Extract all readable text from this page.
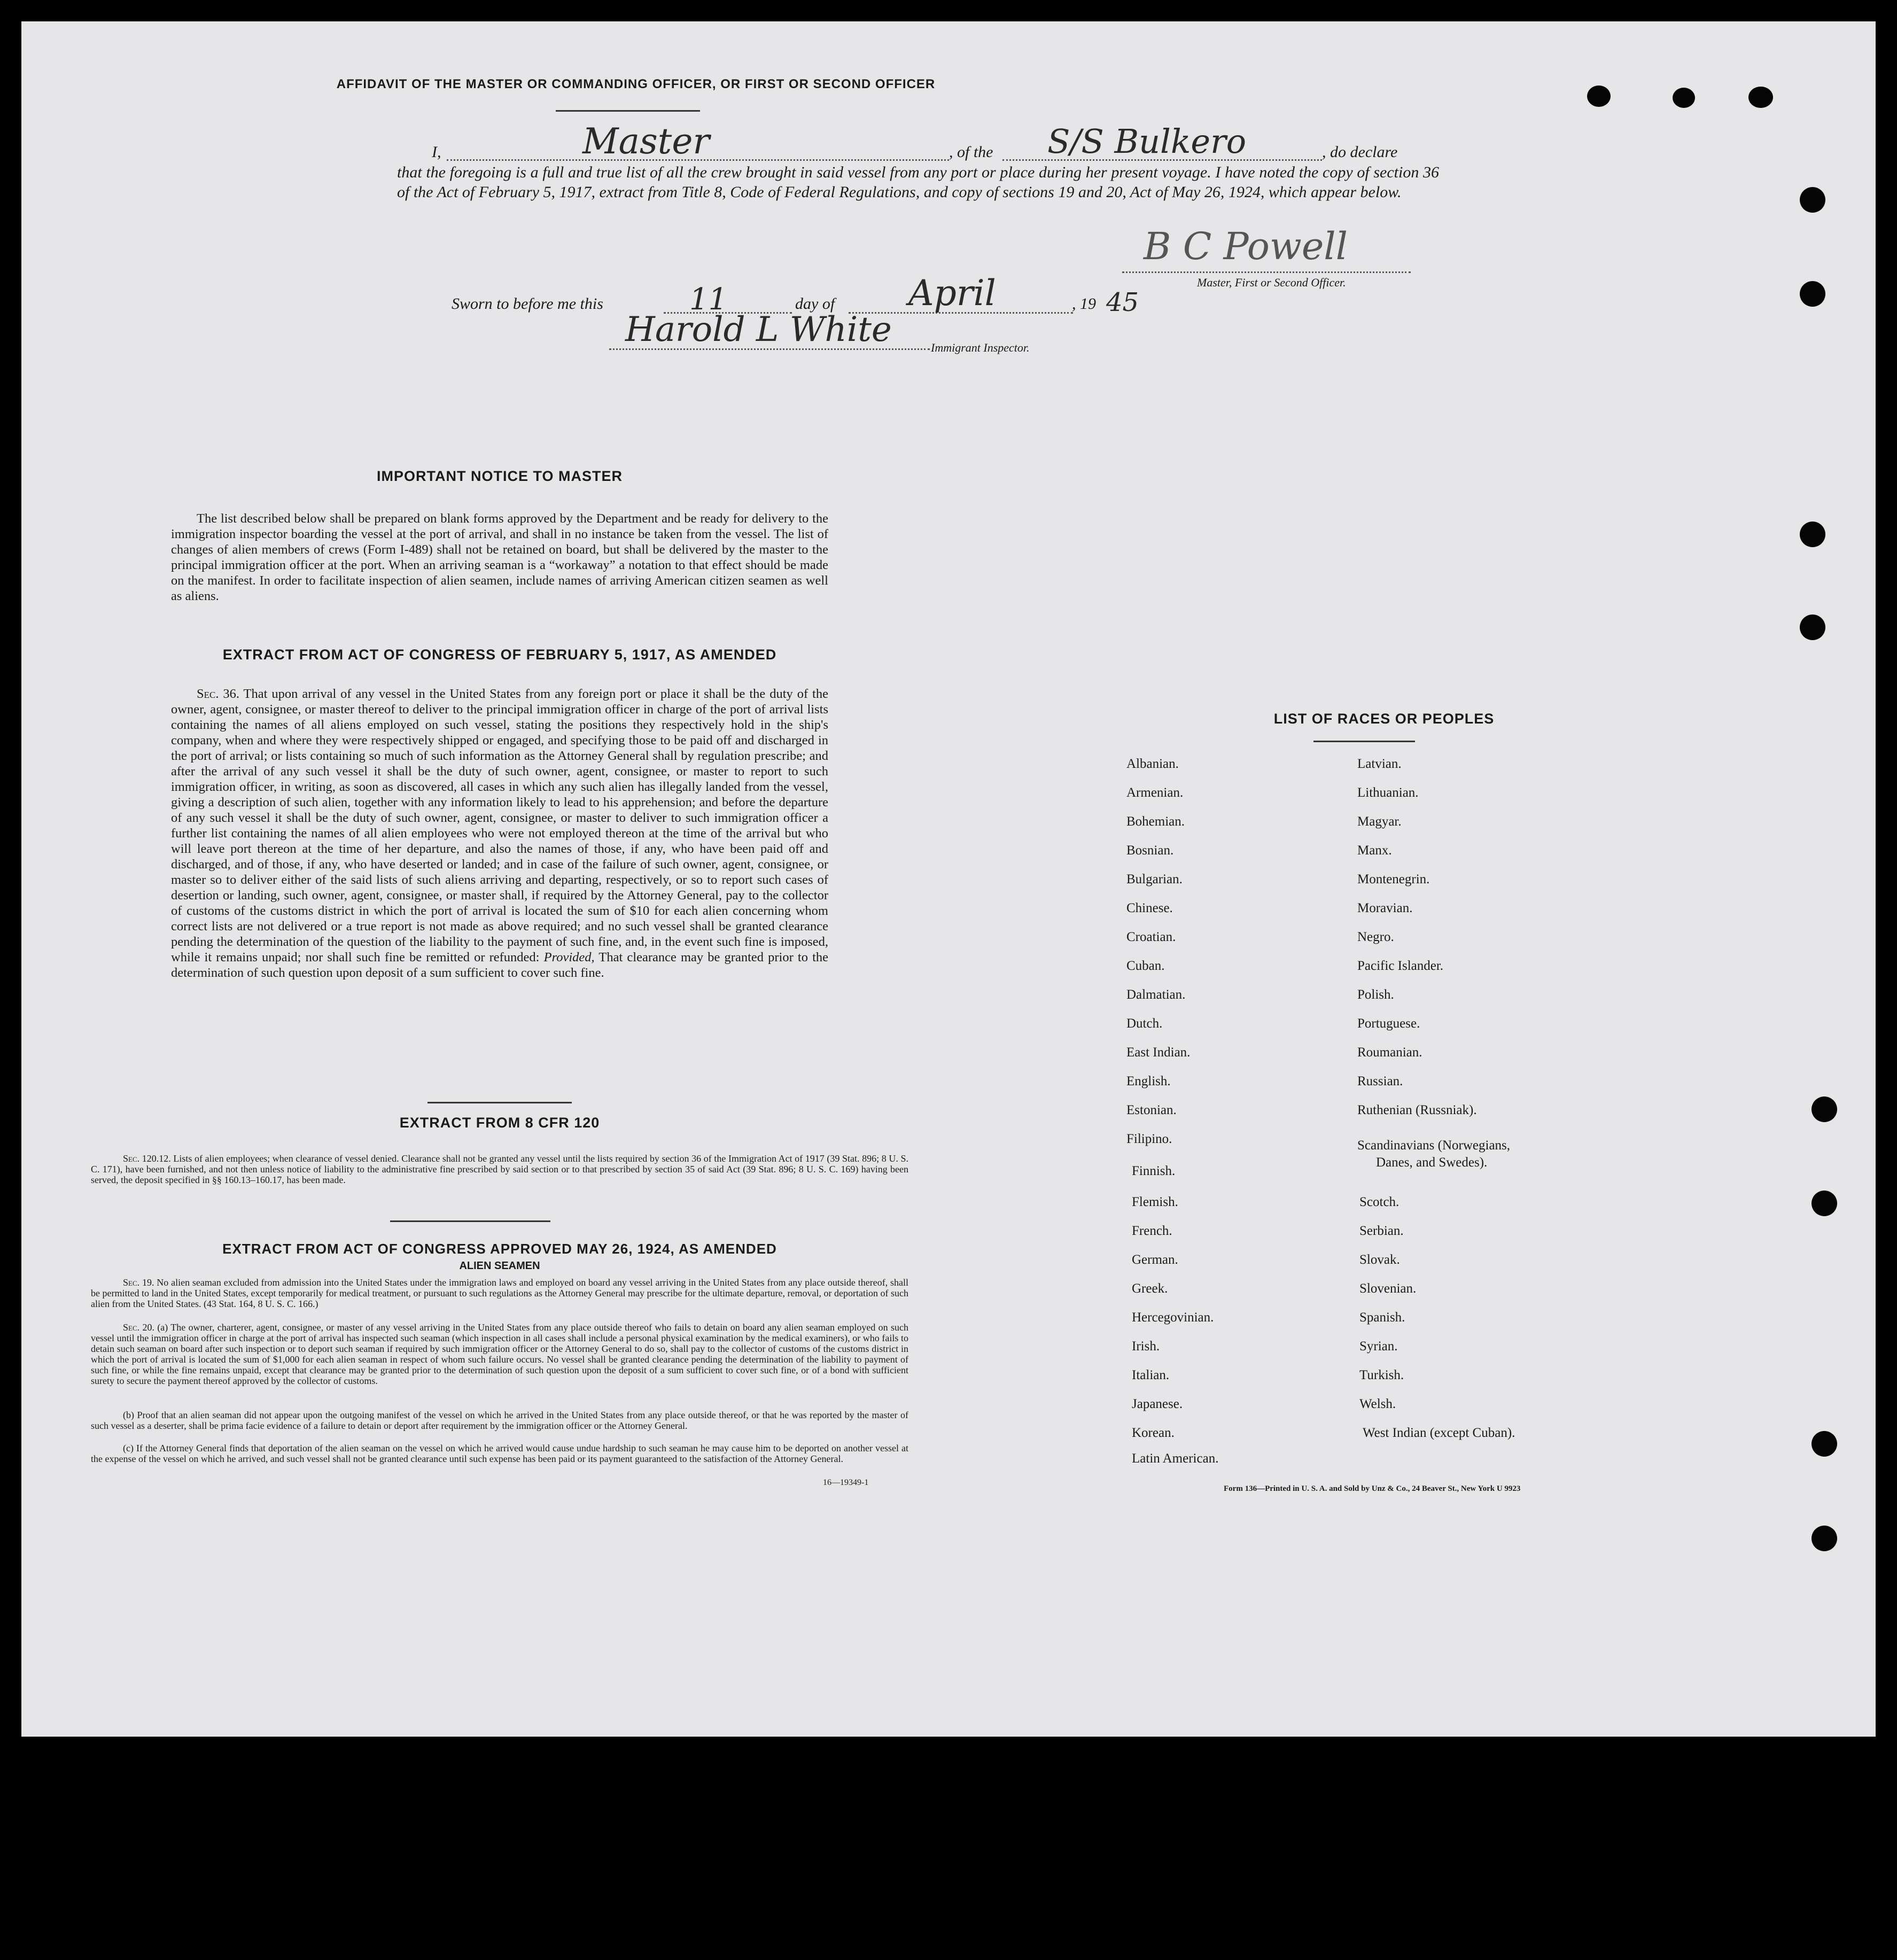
AFFIDAVIT OF THE MASTER OR COMMANDING OFFICER, OR FIRST OR SECOND OFFICER
I,	Master	, of the S/S Bulkero	, do declare
that the foregoing is a full and true list of all the crew brought in said vessel from any port or place during her present voyage. I have noted the copy of section 36 of the Act of February 5, 1917, extract from Title 8, Code of Federal Regulations, and copy of sections 19 and 20, Act of May 26, 1924, which appear below.
B C Powell
Master, First or Second Officer.
Sworn to before me this	11	day of April	, 19 45
Harold L White	Immigrant Inspector.
IMPORTANT NOTICE TO MASTER
The list described below shall be prepared on blank forms approved by the Department and be ready for delivery to the immigration inspector boarding the vessel at the port of arrival, and shall in no instance be taken from the vessel. The list of changes of alien members of crews (Form I-489) shall not be retained on board, but shall be delivered by the master to the principal immigration officer at the port. When an arriving seaman is a “workaway” a notation to that effect should be made on the manifest. In order to facilitate inspection of alien seamen, include names of arriving American citizen seamen as well as aliens.
EXTRACT FROM ACT OF CONGRESS OF FEBRUARY 5, 1917, AS AMENDED
Sec. 36. That upon arrival of any vessel in the United States from any foreign port or place it shall be the duty of the owner, agent, consignee, or master thereof to deliver to the principal immigration officer in charge of the port of arrival lists containing the names of all aliens employed on such vessel, stating the positions they respectively hold in the ship's company, when and where they were respectively shipped or engaged, and specifying those to be paid off and discharged in the port of arrival; or lists containing so much of such information as the Attorney General shall by regulation prescribe; and after the arrival of any such vessel it shall be the duty of such owner, agent, consignee, or master to report to such immigration officer, in writing, as soon as discovered, all cases in which any such alien has illegally landed from the vessel, giving a description of such alien, together with any information likely to lead to his apprehension; and before the departure of any such vessel it shall be the duty of such owner, agent, consignee, or master to deliver to such immigration officer a further list containing the names of all alien employees who were not employed thereon at the time of the arrival but who will leave port thereon at the time of her departure, and also the names of those, if any, who have been paid off and discharged, and of those, if any, who have deserted or landed; and in case of the failure of such owner, agent, consignee, or master so to deliver either of the said lists of such aliens arriving and departing, respectively, or so to report such cases of desertion or landing, such owner, agent, consignee, or master shall, if required by the Attorney General, pay to the collector of customs of the customs district in which the port of arrival is located the sum of $10 for each alien concerning whom correct lists are not delivered or a true report is not made as above required; and no such vessel shall be granted clearance pending the determination of the question of the liability to the payment of such fine, and, in the event such fine is imposed, while it remains unpaid; nor shall such fine be remitted or refunded: Provided, That clearance may be granted prior to the determination of such question upon deposit of a sum sufficient to cover such fine.
EXTRACT FROM 8 CFR 120
Sec. 120.12. Lists of alien employees; when clearance of vessel denied. Clearance shall not be granted any vessel until the lists required by section 36 of the Immigration Act of 1917 (39 Stat. 896; 8 U. S. C. 171), have been furnished, and not then unless notice of liability to the administrative fine prescribed by said section or to that prescribed by section 35 of said Act (39 Stat. 896; 8 U. S. C. 169) having been served, the deposit specified in §§ 160.13–160.17, has been made.
EXTRACT FROM ACT OF CONGRESS APPROVED MAY 26, 1924, AS AMENDED
ALIEN SEAMEN
Sec. 19. No alien seaman excluded from admission into the United States under the immigration laws and employed on board any vessel arriving in the United States from any place outside thereof, shall be permitted to land in the United States, except temporarily for medical treatment, or pursuant to such regulations as the Attorney General may prescribe for the ultimate departure, removal, or deportation of such alien from the United States. (43 Stat. 164, 8 U. S. C. 166.)
Sec. 20. (a) The owner, charterer, agent, consignee, or master of any vessel arriving in the United States from any place outside thereof who fails to detain on board any alien seaman employed on such vessel until the immigration officer in charge at the port of arrival has inspected such seaman (which inspection in all cases shall include a personal physical examination by the medical examiners), or who fails to detain such seaman on board after such inspection or to deport such seaman if required by such immigration officer or the Attorney General to do so, shall pay to the collector of customs of the customs district in which the port of arrival is located the sum of $1,000 for each alien seaman in respect of whom such failure occurs. No vessel shall be granted clearance pending the determination of the liability to payment of such fine, or while the fine remains unpaid, except that clearance may be granted prior to the determination of such question upon the deposit of a sum sufficient to cover such fine, or of a bond with sufficient surety to secure the payment thereof approved by the collector of customs.
(b) Proof that an alien seaman did not appear upon the outgoing manifest of the vessel on which he arrived in the United States from any place outside thereof, or that he was reported by the master of such vessel as a deserter, shall be prima facie evidence of a failure to detain or deport after requirement by the immigration officer or the Attorney General.
(c) If the Attorney General finds that deportation of the alien seaman on the vessel on which he arrived would cause undue hardship to such seaman he may cause him to be deported on another vessel at the expense of the vessel on which he arrived, and such vessel shall not be granted clearance until such expense has been paid or its payment guaranteed to the satisfaction of the Attorney General.
16—19349-1
LIST OF RACES OR PEOPLES
Albanian.
Armenian.
Bohemian.
Bosnian.
Bulgarian.
Chinese.
Croatian.
Cuban.
Dalmatian.
Dutch.
East Indian.
English.
Estonian.
Filipino.
Finnish.
Flemish.
French.
German.
Greek.
Hercegovinian.
Irish.
Italian.
Japanese.
Korean.
Latin American.
Latvian.
Lithuanian.
Magyar.
Manx.
Montenegrin.
Moravian.
Negro.
Pacific Islander.
Polish.
Portuguese.
Roumanian.
Russian.
Ruthenian (Russniak).
Scandinavians (Norwegians,
Danes, and Swedes).
Scotch.
Serbian.
Slovak.
Slovenian.
Spanish.
Syrian.
Turkish.
Welsh.
West Indian (except Cuban).
Form 136—Printed in U. S. A. and Sold by Unz & Co., 24 Beaver St., New York U 9923
